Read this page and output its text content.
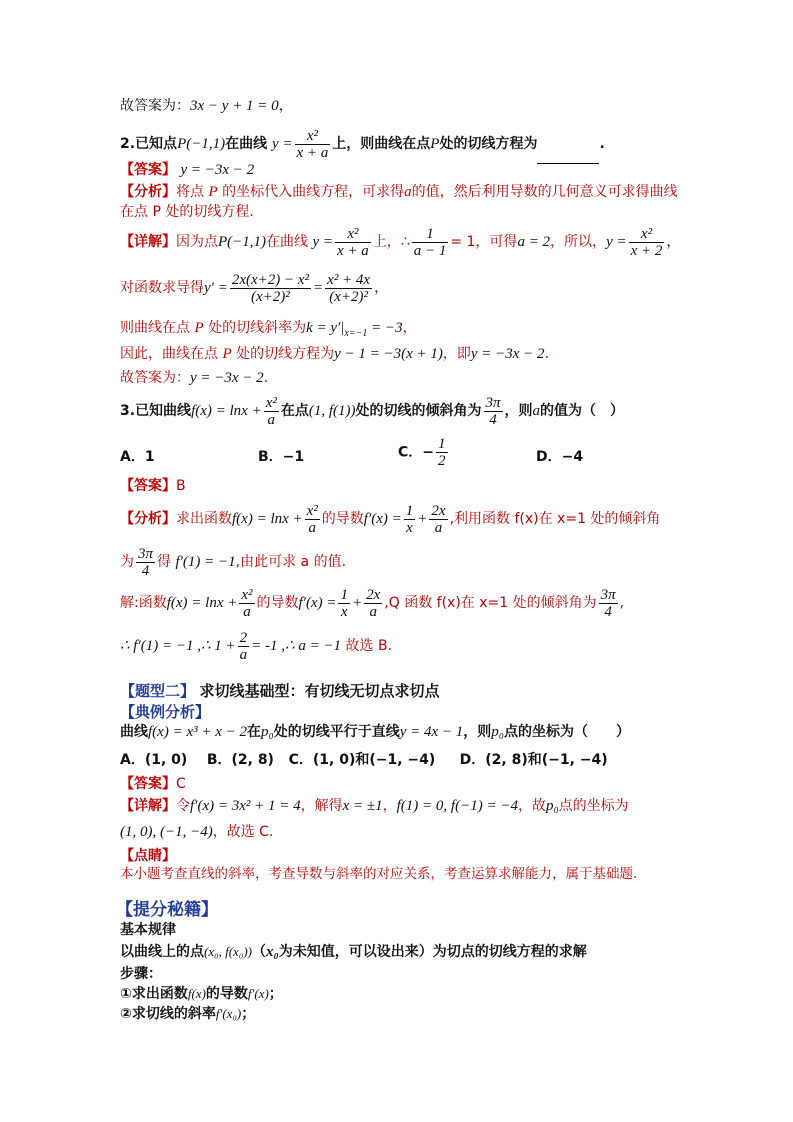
故答案为：3x − y + 1 = 0，
2.已知点P(−1,1)在曲线 $y = \frac{\text{x²}}{x + a}$ 上，则曲线在点P处的切线方程为	.
【答案】 y = −3x − 2
【分析】将点 P 的坐标代入曲线方程，可求得a的值，然后利用导数的几何意义可求得曲线
在点 P 处的切线方程.
【详解】因为点P(−1,1)在曲线 $y = \frac{\text{x²}}{x + a}$ 上，∴ $\frac{1}{a - 1} = 1$，可得a = 2，所以，$y = \frac{\text{x²}}{x + 2}$ ，
对函数求导得$y' = \frac{\text{2x(x+2) − x²}}{\text{(x+2)²}} = \frac{\text{x² + 4x}}{\text{(x+2)²}}$ ，
则曲线在点 P 处的切线斜率为$k = y'|_{x=-1} = -3$，
因此，曲线在点 P 处的切线方程为y − 1 = −3(x + 1)，即y = −3x − 2.
故答案为：y = −3x − 2.
3.已知曲线$f(x) = \ln x + \frac{\text{x²}}{a}$ 在点(1, f(1))处的切线的倾斜角为 $\frac{3\pi}{4}$ ，则a的值为（　）
A．1	B．−1	C．− $\frac{1}{2}$	D．−4
【答案】B
【分析】求出函数$f(x) = \ln x + \frac{\text{x²}}{a}$ 的导数$f'(x) = \frac{1}{x} + \frac{2x}{a}$ ,利用函数 f(x)在 x=1 处的倾斜角
为 $\frac{3\pi}{4}$ 得 f′(1) = −1,由此可求 a 的值.
解:函数$f(x) = \ln x + \frac{\text{x²}}{a}$ 的导数$f'(x) = \frac{1}{x} + \frac{2x}{a} ,Q$ 函数 f(x)在 x=1 处的倾斜角为 $\frac{3\pi}{4}$ ,
∴ f′(1) = −1 ,∴ $1 + \frac{2}{a} = -1$ ,∴ a = −1 故选 B.
【题型二】 求切线基础型：有切线无切点求切点
【典例分析】
曲线f(x) = x³ + x − 2在p₀处的切线平行于直线y = 4x − 1，则p₀点的坐标为（　　）
A．(1, 0) B．(2, 8) C．(1, 0)和(−1, −4) D．(2, 8)和(−1, −4)
【答案】C
【详解】令f′(x) = 3x² + 1 = 4，解得x = ±1，f(1) = 0, f(−1) = −4，故p₀点的坐标为
(1, 0), (−1, −4)，故选 C.
【点睛】
本小题考查直线的斜率，考查导数与斜率的对应关系，考查运算求解能力，属于基础题.
【提分秘籍】
基本规律
以曲线上的点(x₀, f(x₀))（x₀为未知值，可以设出来）为切点的切线方程的求解
步骤：
①求出函数f(x)的导数f′(x)；
②求切线的斜率f′(x₀)；
